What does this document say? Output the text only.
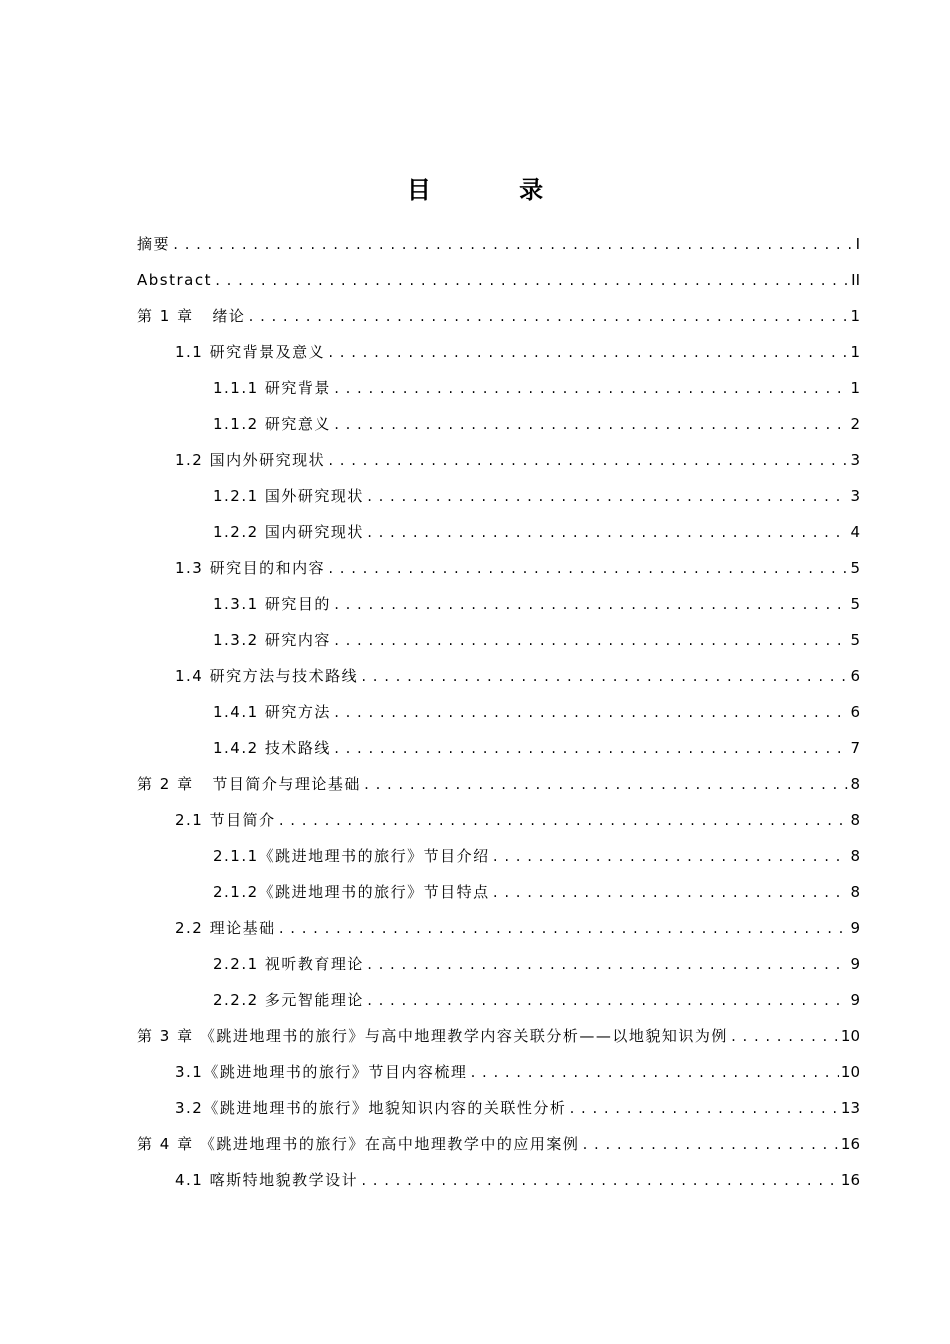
目 录
摘要 .....	I
Abstract .....	II
第 1 章   绪论 .....	1
1.1 研究背景及意义 .....	1
1.1.1 研究背景 .....	1
1.1.2 研究意义 .....	2
1.2 国内外研究现状 .....	3
1.2.1 国外研究现状 .....	3
1.2.2 国内研究现状 .....	4
1.3 研究目的和内容 .....	5
1.3.1 研究目的 .....	5
1.3.2 研究内容 .....	5
1.4 研究方法与技术路线 .....	6
1.4.1 研究方法 .....	6
1.4.2 技术路线 .....	7
第 2 章   节目简介与理论基础 .....	8
2.1 节目简介 .....	8
2.1.1《跳进地理书的旅行》节目介绍 .....	8
2.1.2《跳进地理书的旅行》节目特点 .....	8
2.2 理论基础 .....	9
2.2.1 视听教育理论 .....	9
2.2.2 多元智能理论 .....	9
第 3 章 《跳进地理书的旅行》与高中地理教学内容关联分析——以地貌知识为例 .....	10
3.1《跳进地理书的旅行》节目内容梳理 .....	10
3.2《跳进地理书的旅行》地貌知识内容的关联性分析 .....	13
第 4 章 《跳进地理书的旅行》在高中地理教学中的应用案例 .....	16
4.1 喀斯特地貌教学设计 .....	16
